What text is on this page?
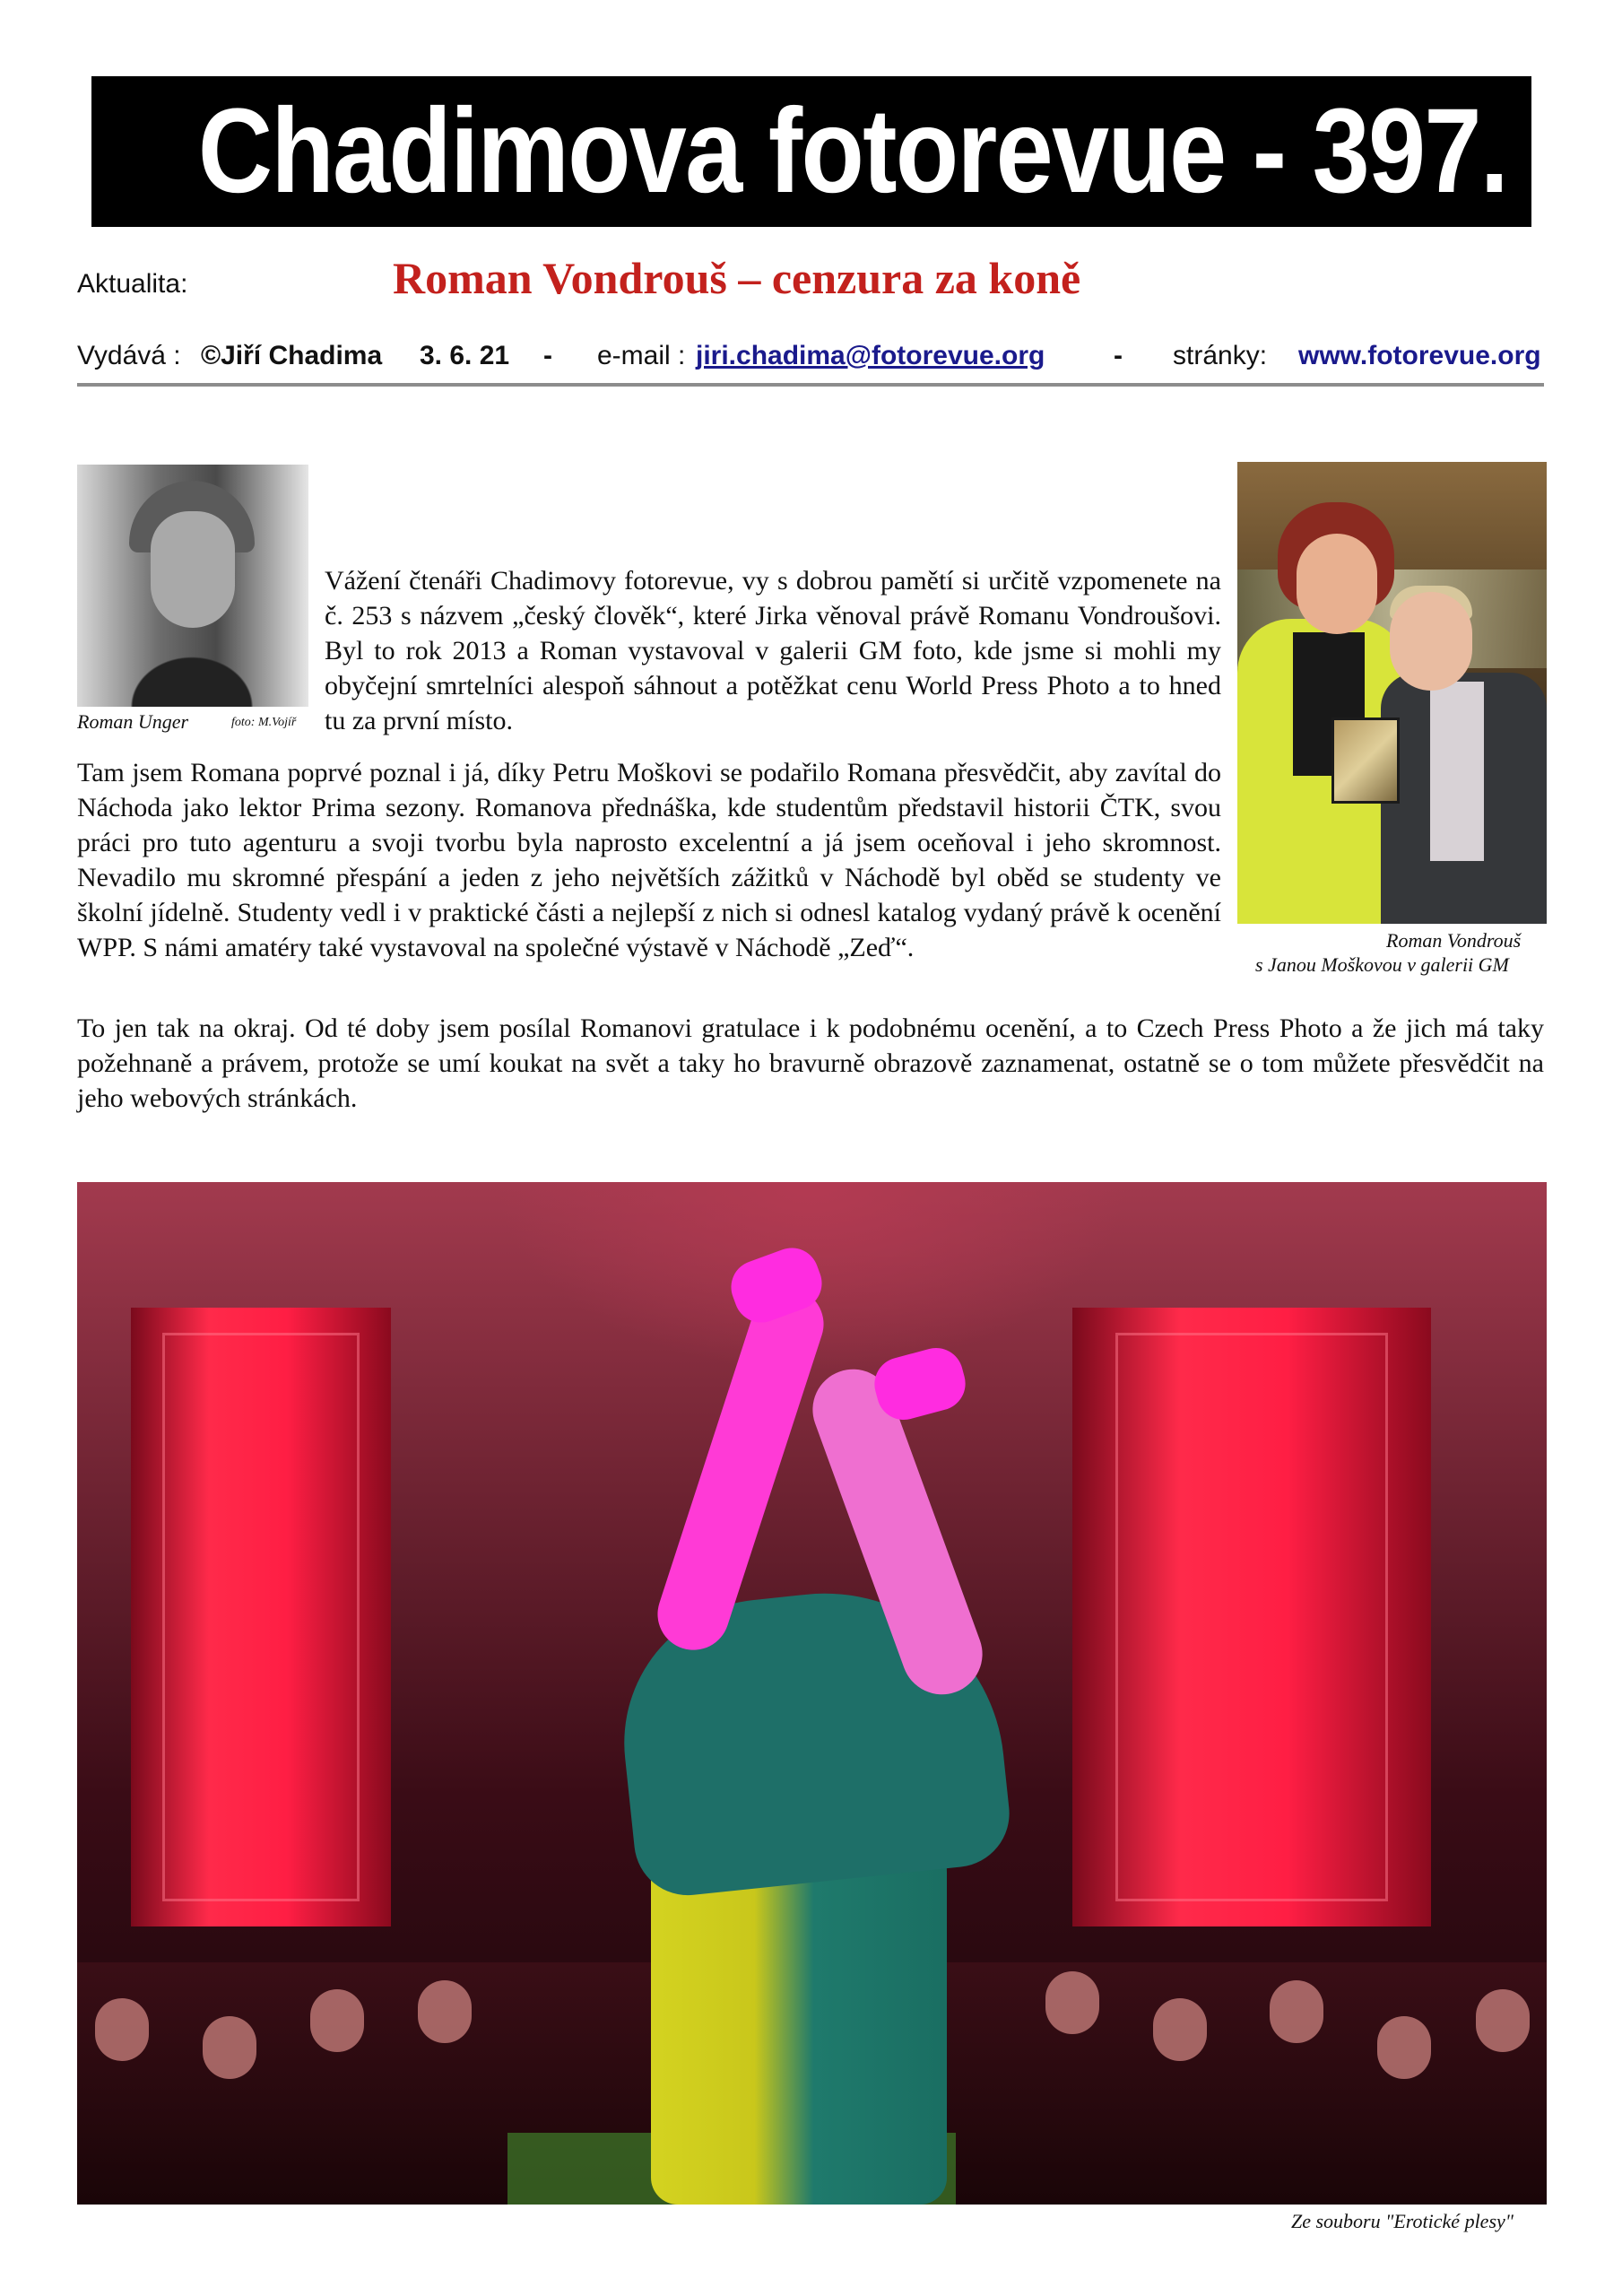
Chadimova fotorevue - 397.
Aktualita:	Roman Vondrouš – cenzura za koně
Vydává : ©Jiří Chadima 3. 6. 21 - e-mail : jiri.chadima@fotorevue.org	- stránky: www.fotorevue.org
Roman Unger	foto: M.Vojíř

Vážení čtenáři Chadimovy fotorevue, vy s dobrou pamětí si určitě vzpomenete na č. 253 s názvem „český člověk“, které Jirka věnoval právě Romanu Vondroušovi. Byl to rok 2013 a Roman vystavoval v galerii GM foto, kde jsme si mohli my obyčejní smrtelníci alespoň sáhnout a potěžkat cenu World Press Photo a to hned tu za první místo.

Roman Vondrouš
s Janou Moškovou v galerii GM

Tam jsem Romana poprvé poznal i já, díky Petru Moškovi se podařilo Romana přesvědčit, aby zavítal do Náchoda jako lektor Prima sezony. Romanova přednáška, kde studentům představil historii ČTK, svou práci pro tuto agenturu a svoji tvorbu byla naprosto excelentní a já jsem oceňoval i jeho skromnost. Nevadilo mu skromné přespání a jeden z jeho největších zážitků v Náchodě byl oběd se studenty ve školní jídelně. Studenty vedl i v praktické části a nejlepší z nich si odnesl katalog vydaný právě k ocenění WPP. S námi amatéry také vystavoval na společné výstavě v Náchodě „Zeď“.

To jen tak na okraj. Od té doby jsem posílal Romanovi gratulace i k podobnému ocenění, a to Czech Press Photo a že jich má taky požehnaně a právem, protože se umí koukat na svět a taky ho bravurně obrazově zaznamenat, ostatně se o tom můžete přesvědčit na jeho webových stránkách.

Ze souboru "Erotické plesy"
